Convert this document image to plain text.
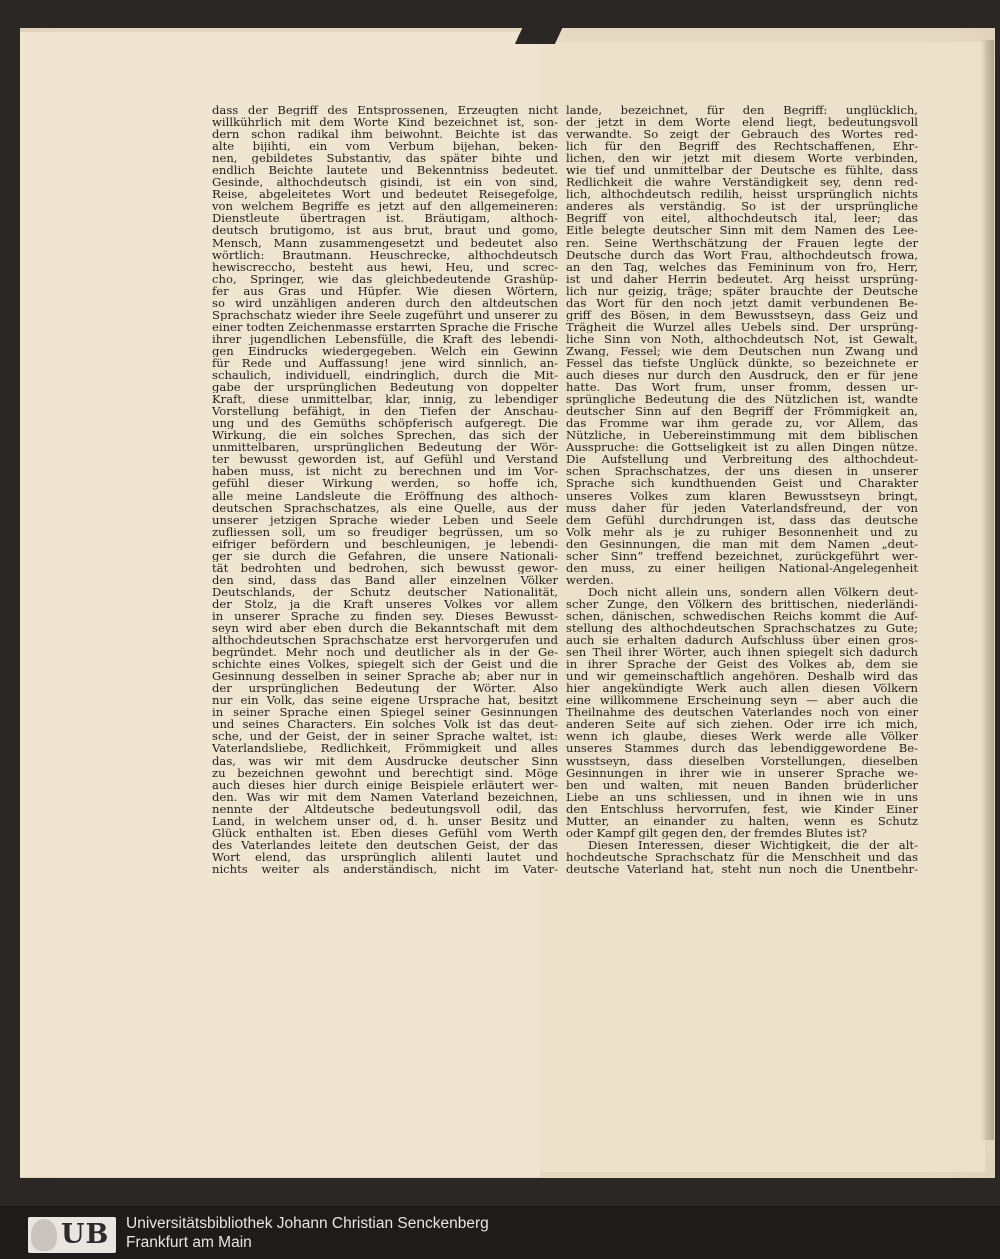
dass der Begriff des Entsprossenen, Erzeugten nicht
willkührlich mit dem Worte Kind bezeichnet ist, son-
dern schon radikal ihm beiwohnt. Beichte ist das
alte bijihti, ein vom Verbum bijehan, beken-
nen, gebildetes Substantiv, das später bihte und
endlich Beichte lautete und Bekenntniss bedeutet.
Gesinde, althochdeutsch gisindi, ist ein von sind,
Reise, abgeleitetes Wort und bedeutet Reisegefolge,
von welchem Begriffe es jetzt auf den allgemeineren:
Dienstleute übertragen ist. Bräutigam, althoch-
deutsch brutigomo, ist aus brut, braut und gomo,
Mensch, Mann zusammengesetzt und bedeutet also
wörtlich: Brautmann. Heuschrecke, althochdeutsch
hewiscreccho, besteht aus hewi, Heu, und screc-
cho, Springer, wie das gleichbedeutende Grashüp-
fer aus Gras und Hüpfer. Wie diesen Wörtern,
so wird unzähligen anderen durch den altdeutschen
Sprachschatz wieder ihre Seele zugeführt und unserer zu
einer todten Zeichenmasse erstarrten Sprache die Frische
ihrer jugendlichen Lebensfülle, die Kraft des lebendi-
gen Eindrucks wiedergegeben. Welch ein Gewinn
für Rede und Auffassung! jene wird sinnlich, an-
schaulich, individuell, eindringlich, durch die Mit-
gabe der ursprünglichen Bedeutung von doppelter
Kraft, diese unmittelbar, klar, innig, zu lebendiger
Vorstellung befähigt, in den Tiefen der Anschau-
ung und des Gemüths schöpferisch aufgeregt. Die
Wirkung, die ein solches Sprechen, das sich der
unmittelbaren, ursprünglichen Bedeutung der Wör-
ter bewusst geworden ist, auf Gefühl und Verstand
haben muss, ist nicht zu berechnen und im Vor-
gefühl dieser Wirkung werden, so hoffe ich,
alle meine Landsleute die Eröffnung des althoch-
deutschen Sprachschatzes, als eine Quelle, aus der
unserer jetzigen Sprache wieder Leben und Seele
zufliessen soll, um so freudiger begrüssen, um so
eifriger befördern und beschleunigen, je lebendi-
ger sie durch die Gefahren, die unsere Nationali-
tät bedrohten und bedrohen, sich bewusst gewor-
den sind, dass das Band aller einzelnen Völker
Deutschlands, der Schutz deutscher Nationalität,
der Stolz, ja die Kraft unseres Volkes vor allem
in unserer Sprache zu finden sey. Dieses Bewusst-
seyn wird aber eben durch die Bekanntschaft mit dem
althochdeutschen Sprachschatze erst hervorgerufen und
begründet. Mehr noch und deutlicher als in der Ge-
schichte eines Volkes, spiegelt sich der Geist und die
Gesinnung desselben in seiner Sprache ab; aber nur in
der ursprünglichen Bedeutung der Wörter. Also
nur ein Volk, das seine eigene Ursprache hat, besitzt
in seiner Sprache einen Spiegel seiner Gesinnungen
und seines Characters. Ein solches Volk ist das deut-
sche, und der Geist, der in seiner Sprache waltet, ist:
Vaterlandsliebe, Redlichkeit, Frömmigkeit und alles
das, was wir mit dem Ausdrucke deutscher Sinn
zu bezeichnen gewohnt und berechtigt sind. Möge
auch dieses hier durch einige Beispiele erläutert wer-
den. Was wir mit dem Namen Vaterland bezeichnen,
nennte der Altdeutsche bedeutungsvoll odil, das
Land, in welchem unser od, d. h. unser Besitz und
Glück enthalten ist. Eben dieses Gefühl vom Werth
des Vaterlandes leitete den deutschen Geist, der das
Wort elend, das ursprünglich alilenti lautet und
nichts weiter als anderständisch, nicht im Vater-
lande, bezeichnet, für den Begriff: unglücklich,
der jetzt in dem Worte elend liegt, bedeutungsvoll
verwandte. So zeigt der Gebrauch des Wortes red-
lich für den Begriff des Rechtschaffenen, Ehr-
lichen, den wir jetzt mit diesem Worte verbinden,
wie tief und unmittelbar der Deutsche es fühlte, dass
Redlichkeit die wahre Verständigkeit sey, denn red-
lich, althochdeutsch redilih, heisst ursprünglich nichts
anderes als verständig. So ist der ursprüngliche
Begriff von eitel, althochdeutsch ital, leer; das
Eitle belegte deutscher Sinn mit dem Namen des Lee-
ren. Seine Werthschätzung der Frauen legte der
Deutsche durch das Wort Frau, althochdeutsch frowa,
an den Tag, welches das Femininum von fro, Herr,
ist und daher Herrin bedeutet. Arg heisst ursprüng-
lich nur geizig, träge; später brauchte der Deutsche
das Wort für den noch jetzt damit verbundenen Be-
griff des Bösen, in dem Bewusstseyn, dass Geiz und
Trägheit die Wurzel alles Uebels sind. Der ursprüng-
liche Sinn von Noth, althochdeutsch Not, ist Gewalt,
Zwang, Fessel; wie dem Deutschen nun Zwang und
Fessel das tiefste Unglück dünkte, so bezeichnete er
auch dieses nur durch den Ausdruck, den er für jene
hatte. Das Wort frum, unser fromm, dessen ur-
sprüngliche Bedeutung die des Nützlichen ist, wandte
deutscher Sinn auf den Begriff der Frömmigkeit an,
das Fromme war ihm gerade zu, vor Allem, das
Nützliche, in Uebereinstimmung mit dem biblischen
Ausspruche: die Gottseligkeit ist zu allen Dingen nütze.
Die Aufstellung und Verbreitung des althochdeut-
schen Sprachschatzes, der uns diesen in unserer
Sprache sich kundthuenden Geist und Charakter
unseres Volkes zum klaren Bewusstseyn bringt,
muss daher für jeden Vaterlandsfreund, der von
dem Gefühl durchdrungen ist, dass das deutsche
Volk mehr als je zu ruhiger Besonnenheit und zu
den Gesinnungen, die man mit dem Namen „deut-
scher Sinn“ treffend bezeichnet, zurückgeführt wer-
den muss, zu einer heiligen National-Angelegenheit
werden.
Doch nicht allein uns, sondern allen Völkern deut-
scher Zunge, den Völkern des brittischen, niederländi-
schen, dänischen, schwedischen Reichs kommt die Auf-
stellung des althochdeutschen Sprachschatzes zu Gute;
auch sie erhalten dadurch Aufschluss über einen gros-
sen Theil ihrer Wörter, auch ihnen spiegelt sich dadurch
in ihrer Sprache der Geist des Volkes ab, dem sie
und wir gemeinschaftlich angehören. Deshalb wird das
hier angekündigte Werk auch allen diesen Völkern
eine willkommene Erscheinung seyn — aber auch die
Theilnahme des deutschen Vaterlandes noch von einer
anderen Seite auf sich ziehen. Oder irre ich mich,
wenn ich glaube, dieses Werk werde alle Völker
unseres Stammes durch das lebendiggewordene Be-
wusstseyn, dass dieselben Vorstellungen, dieselben
Gesinnungen in ihrer wie in unserer Sprache we-
ben und walten, mit neuen Banden brüderlicher
Liebe an uns schliessen, und in ihnen wie in uns
den Entschluss hervorrufen, fest, wie Kinder Einer
Mutter, an einander zu halten, wenn es Schutz
oder Kampf gilt gegen den, der fremdes Blutes ist?
Diesen Interessen, dieser Wichtigkeit, die der alt-
hochdeutsche Sprachschatz für die Menschheit und das
deutsche Vaterland hat, steht nun noch die Unentbehr-
UB Universitätsbibliothek Johann Christian Senckenberg
Frankfurt am Main
